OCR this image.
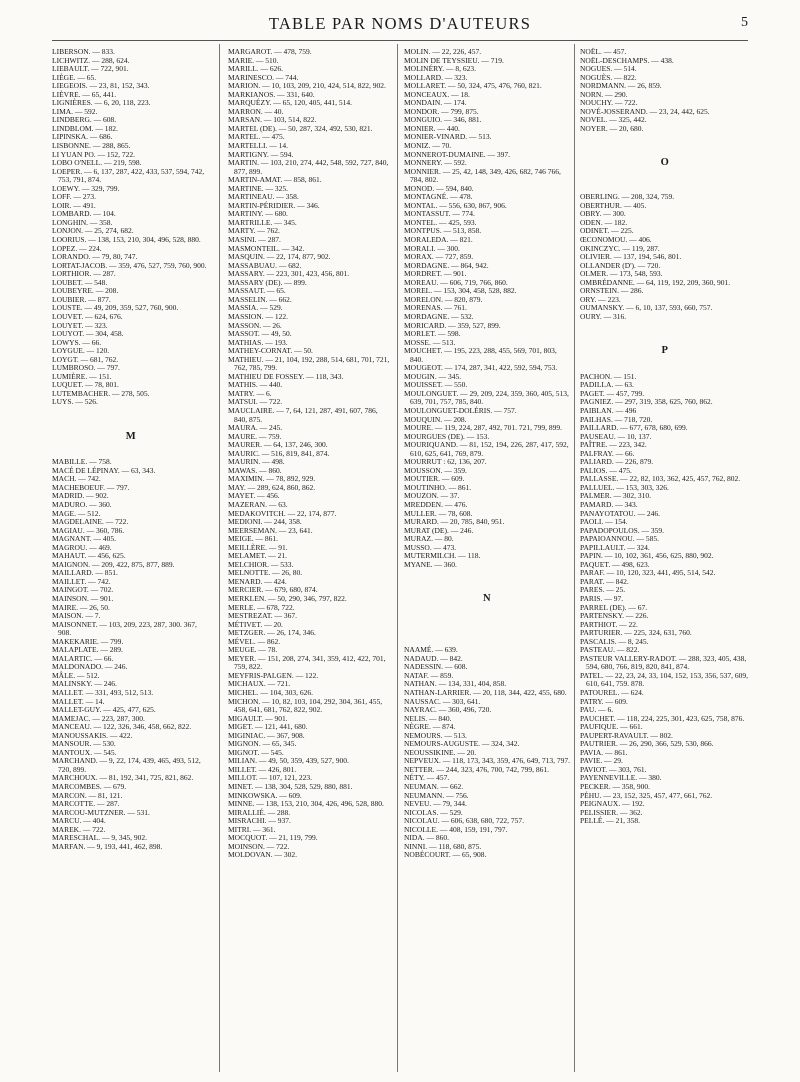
TABLE PAR NOMS D'AUTEURS	5
LIBERSON. — 833.
LICHWITZ. — 288, 624.
LIEBAULT. — 722, 901.
LIÈGE. — 65.
LIEGEOIS. — 23, 81, 152, 343.
LIÈVRE. — 65, 441.
LIGNIÈRES. — 6, 20, 118, 223.
LIMA. — 592.
LINDBERG. — 608.
LINDBLOM. — 182.
LIPINSKA. — 686.
LISBONNE. — 288, 865.
LI YUAN PO. — 152, 722.
LOBO O'NELL. — 219, 598.
LOEPER. — 6, 137, 287, 422, 433, 537, 594, 742, 753, 791, 874.
LOEWY. — 329, 799.
LOFF. — 273.
LOIR. — 491.
LOMBARD. — 104.
LONGHIN. — 358.
LONJON. — 25, 274, 682.
LOORIUS. — 138, 153, 210, 304, 496, 528, 880.
LOPEZ. — 224.
LORANDO. — 79, 80, 747.
LORTAT-JACOB. — 359, 476, 527, 759, 760, 900.
LORTHIOR. — 287.
LOUBET. — 548.
LOUBEYRE. — 208.
LOUBIER. — 877.
LOUSTE. — 49, 209, 359, 527, 760, 900.
LOUVET. — 624, 676.
LOUYET. — 323.
LOUYOT. — 304, 458.
LOWYS. — 66.
LOYGUE. — 120.
LOYGT. — 681, 762.
LUMBROSO. — 797.
LUMIÈRE. — 151.
LUQUET. — 78, 801.
LUTEMBACHER. — 278, 505.
LUYS. — 526.
M
MABILLE. — 758.
MACÉ DE LÉPINAY. — 63, 343.
MACH. — 742.
MACHEBOEUF. — 797.
MADRID. — 902.
MADURO. — 360.
MAGE. — 512.
MAGDELAINE. — 722.
MAGIAU. — 360, 786.
MAGNANT. — 405.
MAGROU. — 469.
MAHAUT. — 456, 625.
MAIGNON. — 209, 422, 875, 877, 889.
MAILLARD. — 851.
MAILLET. — 742.
MAINGOT. — 702.
MAINSON. — 901.
MAIRE. — 26, 50.
MAISON. — 7.
MAISONNET. — 103, 209, 223, 287, 300. 367, 908.
MAKEKARIE. — 799.
MALAPLATE. — 289.
MALARTIC. — 66.
MALDONADO. — 246.
MÂLE. — 512.
MALINSKY. — 246.
MALLET. — 331, 493, 512, 513.
MALLET. — 14.
MALLET-GUY. — 425, 477, 625.
MAMEJAC. — 223, 287, 300.
MANCEAU. — 122, 326, 346, 458, 662, 822.
MANOUSSAKIS. — 422.
MANSOUR. — 530.
MANTOUX. — 545.
MARCHAND. — 9, 22, 174, 439, 465, 493, 512, 720, 899.
MARCHOUX. — 81, 192, 341, 725, 821, 862.
MARCOMBES. — 679.
MARCON. — 81, 121.
MARCOTTE. — 287.
MARCOU-MUTZNER. — 531.
MARCU. — 404.
MAREK. — 722.
MARESCHAL. — 9, 345, 902.
MARFAN. — 9, 193, 441, 462, 898.
MARGAROT. — 478, 759.
MARIE. — 510.
MARILL. — 626.
MARINESCO. — 744.
MARION. — 10, 103, 209, 210, 424, 514, 822, 902.
MARKIANOS. — 331, 640.
MARQUÉZY. — 65, 120, 405, 441, 514.
MARRON. — 40.
MARSAN. — 103, 514, 822.
MARTEL (DE). — 50, 287, 324, 492, 530, 821.
MARTEL. — 475.
MARTELLI. — 14.
MARTIGNY. — 594.
MARTIN. — 103, 210, 274, 442, 548, 592, 727, 840, 877, 899.
MARTIN-AMAT. — 858, 861.
MARTINE. — 325.
MARTINEAU. — 358.
MARTIN-PÉRIDIER. — 346.
MARTINY. — 680.
MARTRILLE. — 345.
MARTY. — 762.
MASINI. — 287.
MASMONTEIL. — 342.
MASQUIN. — 22, 174, 877, 902.
MASSABUAU. — 682.
MASSARY. — 223, 301, 423, 456, 801.
MASSARY (DE). — 899.
MASSAUT. — 65.
MASSELIN. — 662.
MASSIA. — 529.
MASSION. — 122.
MASSON. — 26.
MASSOT. — 49, 50.
MATHIAS. — 193.
MATHEY-CORNAT. — 50.
MATHIEU. — 21, 104, 192, 288, 514, 681, 701, 721, 762, 785, 799.
MATHIEU DE FOSSEY. — 118, 343.
MATHIS. — 440.
MATRY. — 6.
MATSUI. — 722.
MAUCLAIRE. — 7, 64, 121, 287, 491, 607, 786, 840, 875.
MAURA. — 245.
MAURE. — 759.
MAURER. — 64, 137, 246, 300.
MAURIC. — 516, 819, 841, 874.
MAURIN. — 498.
MAWAS. — 860.
MAXIMIN. — 78, 892, 929.
MAY. — 289, 624, 860, 862.
MAYET. — 456.
MAZERAN. — 63.
MEDAKOVITCH. — 22, 174, 877.
MEDIONI. — 244, 358.
MEERSEMAN. — 23, 641.
MEIGE. — 861.
MEILLÈRE. — 91.
MELAMET. — 21.
MELCHIOR. — 533.
MELNOTTE. — 26, 80.
MENARD. — 424.
MERCIER. — 679, 680, 874.
MERKLEN. — 50, 290, 346, 797, 822.
MERLE. — 678, 722.
MESTREZAT. — 367.
MÉTIVET. — 20.
METZGER. — 26, 174, 346.
MÉVEL. — 862.
MEUGE. — 78.
MEYER. — 151, 208, 274, 341, 359, 412, 422, 701, 759, 822.
MEYFRIS-PALGEN. — 122.
MICHAUX. — 721.
MICHEL. — 104, 303, 626.
MICHON. — 10, 82, 103, 104, 292, 304, 361, 455, 458, 641, 681, 762, 822, 902.
MIGAULT. — 901.
MIGET. — 121, 441, 680.
MIGINIAC. — 367, 908.
MIGNON. — 65, 345.
MIGNOT. — 545.
MILIAN. — 49, 50, 359, 439, 527, 900.
MILLET. — 426, 801.
MILLOT. — 107, 121, 223.
MINET. — 138, 304, 528, 529, 880, 881.
MINKOWSKA. — 609.
MINNE. — 138, 153, 210, 304, 426, 496, 528, 880.
MIRALLIÉ. — 288.
MISRACHI. — 937.
MITRI. — 361.
MOCQUOT. — 21, 119, 799.
MOINSON. — 722.
MOLDOVAN. — 302.
MOLIN. — 22, 226, 457.
MOLIN DE TEYSSIEU. — 719.
MOLINÉRY. — 8, 623.
MOLLARD. — 323.
MOLLARET. — 50, 324, 475, 476, 760, 821.
MONCEAUX. — 18.
MONDAIN. — 174.
MONDOR. — 799, 875.
MONGUIO. — 346, 881.
MONIER. — 440.
MONIER-VINARD. — 513.
MONIZ. — 70.
MONNEROT-DUMAINE. — 397.
MONNERY. — 592.
MONNIER. — 25, 42, 148, 349, 426, 682, 746 766, 784, 802.
MONOD. — 594, 840.
MONTAGNÉ. — 478.
MONTAL. — 556, 630, 867, 906.
MONTASSUT. — 774.
MONTEL. — 425, 593.
MONTPUS. — 513, 858.
MORALEDA. — 821.
MORALI. — 300.
MORAX. — 727, 859.
MORDAGNE. — 864, 942.
MORDRET. — 901.
MOREAU. — 606, 719, 766, 860.
MOREL. — 153, 304, 458, 528, 882.
MORELON. — 820, 879.
MORENAS. — 761.
MORDAGNE. — 532.
MORICARD. — 359, 527, 899.
MORLET. — 598.
MOSSE. — 513.
MOUCHET. — 195, 223, 288, 455, 569, 701, 803, 840.
MOUGEOT. — 174, 287, 341, 422, 592, 594, 753.
MOUGIN. — 345.
MOUISSET. — 550.
MOULONGUET. — 29, 209, 224, 359, 360, 405, 513, 639, 701, 757, 785, 840.
MOULONGUET-DOLÉRIS. — 757.
MOUQUIN. — 208.
MOURE. — 119, 224, 287, 492, 701. 721, 799, 899.
MOURGUES (DE). — 153.
MOURIQUAND. — 81, 152, 194, 226, 287, 417, 592, 610, 625, 641, 769, 879.
MOURRUT : 62, 136, 207.
MOUSSON. — 359.
MOUTIER. — 609.
MOUTINHO. — 861.
MOUZON. — 37.
MREDDEN. — 476.
MULLER. — 78, 608.
MURARD. — 20, 785, 840, 951.
MURAT (DE). — 246.
MURAZ. — 80.
MUSSO. — 473.
MUTERMILCH. — 118.
MYANE. — 360.
N
NAAMÉ. — 639.
NADAUD. — 842.
NADESSIN. — 608.
NATAF. — 859.
NATHAN. — 134, 331, 404, 858.
NATHAN-LARRIER. — 20, 118, 344, 422, 455, 680.
NAUSSAC. — 303, 641.
NAYRAC. — 360, 496, 720.
NELIS. — 840.
NÈGRE. — 874.
NEMOURS. — 513.
NEMOURS-AUGUSTE. — 324, 342.
NEOUSSIKINE. — 20.
NEPVEUX. — 118, 173, 343, 359, 476, 649, 713, 797.
NETTER. — 244, 323, 476, 700, 742, 799, 861.
NÉTY. — 457.
NEUMAN. — 662.
NEUMANN. — 756.
NEVEU. — 79, 344.
NICOLAS. — 529.
NICOLAU. — 606, 638, 680, 722, 757.
NICOLLE. — 408, 159, 191, 797.
NIDA. — 860.
NINNI. — 118, 680, 875.
NOBÉCOURT. — 65, 908.
NOËL. — 457.
NOËL-DESCHAMPS. — 438.
NOGUES. — 514.
NOGUÈS. — 822.
NORDMANN. — 26, 859.
NORN. — 290.
NOUCHY. — 722.
NOVÉ-JOSSERAND. — 23, 24, 442, 625.
NOVEL. — 325, 442.
NOYER. — 20, 680.
O
OBERLING. — 208, 324, 759.
OBERTHUR. — 405.
OBRY. — 300.
ODEN. — 182.
ODINET. — 225.
ŒCONOMOU. — 406.
OKINCZYC. — 119, 287.
OLIVIER. — 137, 194, 546, 801.
OLLANDER (D'). — 720.
OLMER. — 173, 548, 593.
OMBRÉDANNE. — 64, 119, 192, 209, 360, 901.
ORNSTEIN. — 286.
ORY. — 223.
OUMANSKY. — 6, 10, 137, 593, 660, 757.
OURY. — 316.
P
PACHON. — 151.
PADILLA. — 63.
PAGET. — 457, 799.
PAGNIEZ. — 297, 319, 358, 625, 760, 862.
PAIBLAN. — 496
PAILHAS. — 718, 720.
PAILLARD. — 677, 678, 680, 699.
PAUSEAU. — 10, 137.
PAÎTRE. — 223, 342.
PALFRAY. — 66.
PALIARD. — 226, 879.
PALIOS. — 475.
PALLASSE. — 22, 82, 103, 362, 425, 457, 762, 802.
PALLUEL. — 153, 303, 326.
PALMER. — 302, 310.
PAMARD. — 343.
PANAYOTATOU. — 246.
PAOLI. — 154.
PAPADOPOULOS. — 359.
PAPAIOANNOU. — 585.
PAPILLAULT. — 324.
PAPIN. — 10, 102, 361, 456, 625, 880, 902.
PAQUET. — 498, 623.
PARAF. — 10, 120, 323, 441, 495, 514, 542.
PARAT. — 842.
PARES. — 25.
PARIS. — 97.
PARREL (DE). — 67.
PARTENSKY. — 226.
PARTHIOT. — 22.
PARTURIER. — 225, 324, 631, 760.
PASCALIS. — 8, 245.
PASTEAU. — 822.
PASTEUR VALLERY-RADOT. — 288, 323, 405, 438, 594, 680, 766, 819, 820, 841, 874.
PATEL. — 22, 23, 24, 33, 104, 152, 153, 356, 537, 609, 610, 641, 759. 878.
PATOUREL. — 624.
PATRY. — 609.
PAU. — 6.
PAUCHET. — 118, 224, 225, 301, 423, 625, 758, 876.
PAUFIQUE. — 661.
PAUPERT-RAVAULT. — 802.
PAUTRIER. — 26, 290, 366, 529, 530, 866.
PAVIA. — 861.
PAVIE. — 29.
PAVIOT. — 303, 761.
PAYENNEVILLE. — 380.
PECKER. — 358, 900.
PÉHU. — 23, 152, 325, 457, 477, 661, 762.
PEIGNAUX. — 192.
PELISSIER. — 362.
PELLÉ. — 21, 358.
